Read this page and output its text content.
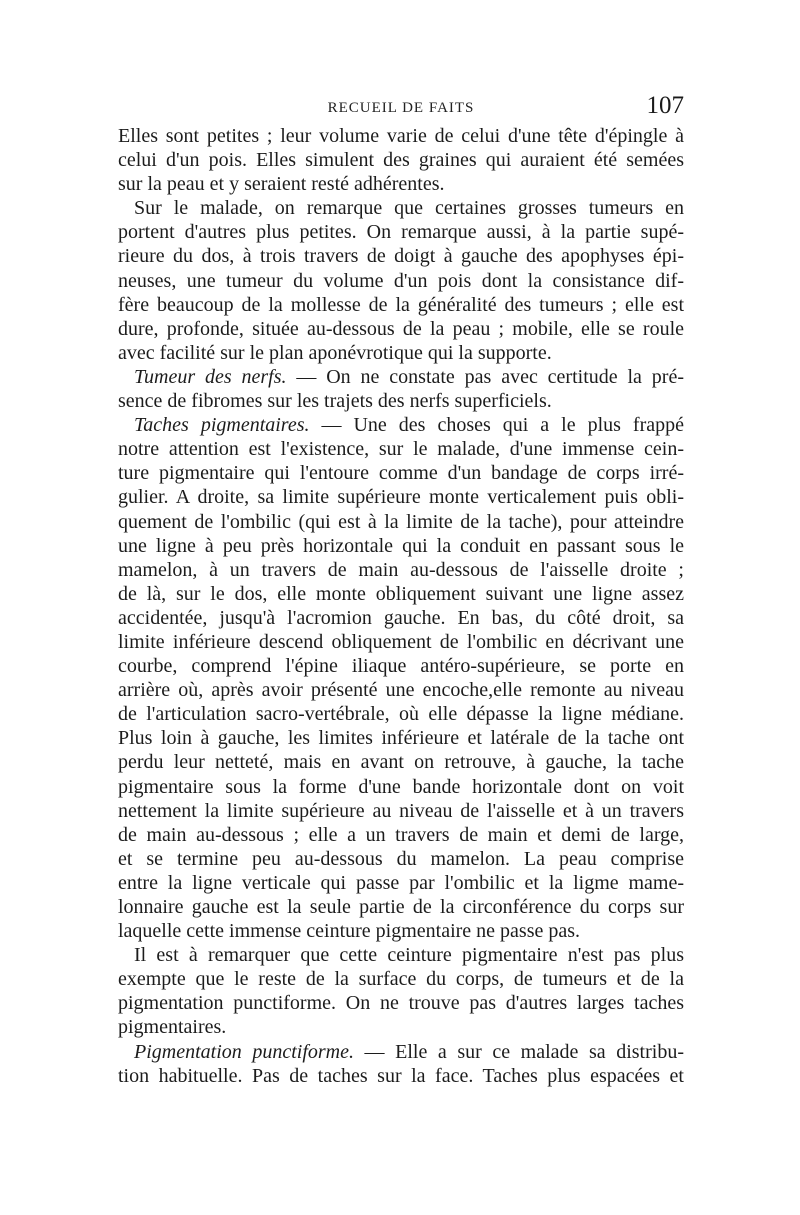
RECUEIL DE FAITS	107
Elles sont petites ; leur volume varie de celui d'une tête d'épingle à
celui d'un pois. Elles simulent des graines qui auraient été semées
sur la peau et y seraient resté adhérentes.
Sur le malade, on remarque que certaines grosses tumeurs en
portent d'autres plus petites. On remarque aussi, à la partie supé-
rieure du dos, à trois travers de doigt à gauche des apophyses épi-
neuses, une tumeur du volume d'un pois dont la consistance dif-
fère beaucoup de la mollesse de la généralité des tumeurs ; elle est
dure, profonde, située au-dessous de la peau ; mobile, elle se roule
avec facilité sur le plan aponévrotique qui la supporte.
Tumeur des nerfs. — On ne constate pas avec certitude la pré-
sence de fibromes sur les trajets des nerfs superficiels.
Taches pigmentaires. — Une des choses qui a le plus frappé
notre attention est l'existence, sur le malade, d'une immense cein-
ture pigmentaire qui l'entoure comme d'un bandage de corps irré-
gulier. A droite, sa limite supérieure monte verticalement puis obli-
quement de l'ombilic (qui est à la limite de la tache), pour atteindre
une ligne à peu près horizontale qui la conduit en passant sous le
mamelon, à un travers de main au-dessous de l'aisselle droite ;
de là, sur le dos, elle monte obliquement suivant une ligne assez
accidentée, jusqu'à l'acromion gauche. En bas, du côté droit, sa
limite inférieure descend obliquement de l'ombilic en décrivant une
courbe, comprend l'épine iliaque antéro-supérieure, se porte en
arrière où, après avoir présenté une encoche,elle remonte au niveau
de l'articulation sacro-vertébrale, où elle dépasse la ligne médiane.
Plus loin à gauche, les limites inférieure et latérale de la tache ont
perdu leur netteté, mais en avant on retrouve, à gauche, la tache
pigmentaire sous la forme d'une bande horizontale dont on voit
nettement la limite supérieure au niveau de l'aisselle et à un travers
de main au-dessous ; elle a un travers de main et demi de large,
et se termine peu au-dessous du mamelon. La peau comprise
entre la ligne verticale qui passe par l'ombilic et la ligme mame-
lonnaire gauche est la seule partie de la circonférence du corps sur
laquelle cette immense ceinture pigmentaire ne passe pas.
Il est à remarquer que cette ceinture pigmentaire n'est pas plus
exempte que le reste de la surface du corps, de tumeurs et de la
pigmentation punctiforme. On ne trouve pas d'autres larges taches
pigmentaires.
Pigmentation punctiforme. — Elle a sur ce malade sa distribu-
tion habituelle. Pas de taches sur la face. Taches plus espacées et
